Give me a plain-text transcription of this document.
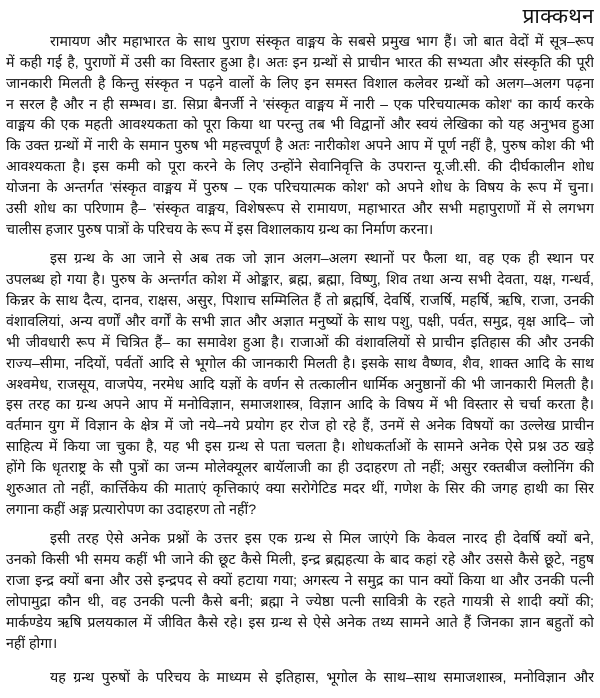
प्राक्कथन
रामायण और महाभारत के साथ पुराण संस्कृत वाङ्मय के सबसे प्रमुख भाग हैं। जो बात वेदों में सूत्र–रूप
में कही गई है, पुराणों में उसी का विस्तार हुआ है। अतः इन ग्रन्थों से प्राचीन भारत की सभ्यता और संस्कृति की पूरी
जानकारी मिलती है किन्तु संस्कृत न पढ़ने वालों के लिए इन समस्त विशाल कलेवर ग्रन्थों को अलग–अलग पढ़ना
न सरल है और न ही सम्भव। डा. सिप्रा बैनर्जी ने 'संस्कृत वाङ्मय में नारी – एक परिचयात्मक कोश' का कार्य करके
वाङ्मय की एक महती आवश्यकता को पूरा किया था परन्तु तब भी विद्वानों और स्वयं लेखिका को यह अनुभव हुआ
कि उक्त ग्रन्थों में नारी के समान पुरुष भी महत्त्वपूर्ण है अतः नारीकोश अपने आप में पूर्ण नहीं है, पुरुष कोश की भी
आवश्यकता है। इस कमी को पूरा करने के लिए उन्होंने सेवानिवृत्ति के उपरान्त यू.जी.सी. की दीर्घकालीन शोध
योजना के अन्तर्गत 'संस्कृत वाङ्मय में पुरुष – एक परिचयात्मक कोश' को अपने शोध के विषय के रूप में चुना।
उसी शोध का परिणाम है– 'संस्कृत वाङ्मय, विशेषरूप से रामायण, महाभारत और सभी महापुराणों में से लगभग
चालीस हजार पुरुष पात्रों के परिचय के रूप में इस विशालकाय ग्रन्थ का निर्माण करना।
इस ग्रन्थ के आ जाने से अब तक जो ज्ञान अलग–अलग स्थानों पर फैला था, वह एक ही स्थान पर
उपलब्ध हो गया है। पुरुष के अन्तर्गत कोश में ओङ्कार, ब्रह्म, ब्रह्मा, विष्णु, शिव तथा अन्य सभी देवता, यक्ष, गन्धर्व,
किन्नर के साथ दैत्य, दानव, राक्षस, असुर, पिशाच सम्मिलित हैं तो ब्रह्मर्षि, देवर्षि, राजर्षि, महर्षि, ऋषि, राजा, उनकी
वंशावलियां, अन्य वर्णों और वर्गों के सभी ज्ञात और अज्ञात मनुष्यों के साथ पशु, पक्षी, पर्वत, समुद्र, वृक्ष आदि– जो
भी जीवधारी रूप में चित्रित हैं– का समावेश हुआ है। राजाओं की वंशावलियों से प्राचीन इतिहास की और उनकी
राज्य–सीमा, नदियों, पर्वतों आदि से भूगोल की जानकारी मिलती है। इसके साथ वैष्णव, शैव, शाक्त आदि के साथ
अश्वमेध, राजसूय, वाजपेय, नरमेध आदि यज्ञों के वर्णन से तत्कालीन धार्मिक अनुष्ठानों की भी जानकारी मिलती है।
इस तरह का ग्रन्थ अपने आप में मनोविज्ञान, समाजशास्त्र, विज्ञान आदि के विषय में भी विस्तार से चर्चा करता है।
वर्तमान युग में विज्ञान के क्षेत्र में जो नये–नये प्रयोग हर रोज हो रहे हैं, उनमें से अनेक विषयों का उल्लेख प्राचीन
साहित्य में किया जा चुका है, यह भी इस ग्रन्थ से पता चलता है। शोधकर्ताओं के सामने अनेक ऐसे प्रश्न उठ खड़े
होंगे कि धृतराष्ट्र के सौ पुत्रों का जन्म मोलेक्यूलर बायॅलाजी का ही उदाहरण तो नहीं; असुर रक्तबीज क्लोनिंग की
शुरुआत तो नहीं, कार्त्तिकेय की माताएं कृत्तिकाएं क्या सरोगेटिड मदर थीं, गणेश के सिर की जगह हाथी का सिर
लगाना कहीं अङ्ग प्रत्यारोपण का उदाहरण तो नहीं?
इसी तरह ऐसे अनेक प्रश्नों के उत्तर इस एक ग्रन्थ से मिल जाएंगे कि केवल नारद ही देवर्षि क्यों बने,
उनको किसी भी समय कहीं भी जाने की छूट कैसे मिली, इन्द्र ब्रह्महत्या के बाद कहां रहे और उससे कैसे छूटे, नहुष
राजा इन्द्र क्यों बना और उसे इन्द्रपद से क्यों हटाया गया; अगस्त्य ने समुद्र का पान क्यों किया था और उनकी पत्नी
लोपामुद्रा कौन थी, वह उनकी पत्नी कैसे बनी; ब्रह्मा ने ज्येष्ठा पत्नी सावित्री के रहते गायत्री से शादी क्यों की;
मार्कण्डेय ऋषि प्रलयकाल में जीवित कैसे रहे। इस ग्रन्थ से ऐसे अनेक तथ्य सामने आते हैं जिनका ज्ञान बहुतों को
नहीं होगा।
यह ग्रन्थ पुरुषों के परिचय के माध्यम से इतिहास, भूगोल के साथ–साथ समाजशास्त्र, मनोविज्ञान और
